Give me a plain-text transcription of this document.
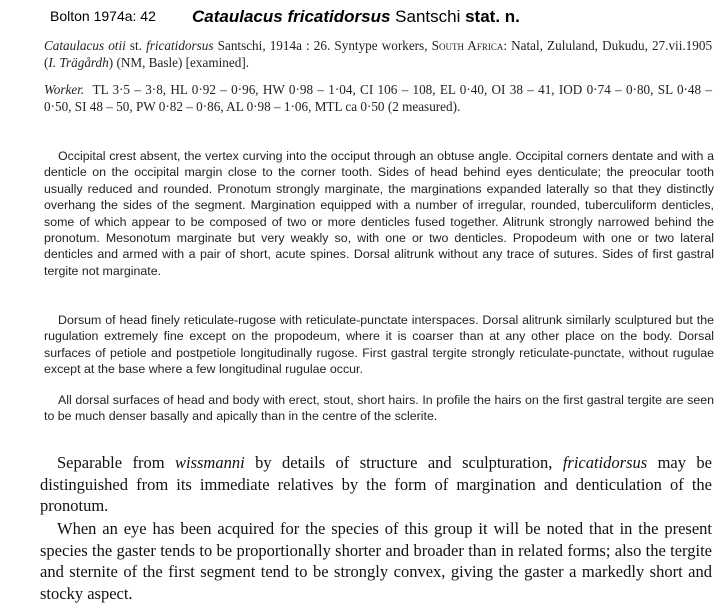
Bolton 1974a: 42 Cataulacus fricatidorsus Santschi stat. n.

Cataulacus otii st. fricatidorsus Santschi, 1914a : 26. Syntype workers, South Africa: Natal, Zululand, Dukudu, 27.vii.1905 (I. Trägårdh) (NM, Basle) [examined].

Worker. TL 3·5 – 3·8, HL 0·92 – 0·96, HW 0·98 – 1·04, CI 106 – 108, EL 0·40, OI 38 – 41, IOD 0·74 – 0·80, SL 0·48 – 0·50, SI 48 – 50, PW 0·82 – 0·86, AL 0·98 – 1·06, MTL ca 0·50 (2 measured).

Occipital crest absent, the vertex curving into the occiput through an obtuse angle. Occipital corners dentate and with a denticle on the occipital margin close to the corner tooth. Sides of head behind eyes denticulate; the preocular tooth usually reduced and rounded. Pronotum strongly marginate, the marginations expanded laterally so that they distinctly overhang the sides of the segment. Margination equipped with a number of irregular, rounded, tuberculiform denticles, some of which appear to be composed of two or more denticles fused together. Alitrunk strongly narrowed behind the pronotum. Mesonotum marginate but very weakly so, with one or two denticles. Propodeum with one or two lateral denticles and armed with a pair of short, acute spines. Dorsal alitrunk without any trace of sutures. Sides of first gastral tergite not marginate.

Dorsum of head finely reticulate-rugose with reticulate-punctate interspaces. Dorsal alitrunk similarly sculptured but the rugulation extremely fine except on the propodeum, where it is coarser than at any other place on the body. Dorsal surfaces of petiole and postpetiole longitudinally rugose. First gastral tergite strongly reticulate-punctate, without rugulae except at the base where a few longitudinal rugulae occur.

All dorsal surfaces of head and body with erect, stout, short hairs. In profile the hairs on the first gastral tergite are seen to be much denser basally and apically than in the centre of the sclerite.

Separable from wissmanni by details of structure and sculpturation, fricatidorsus may be distinguished from its immediate relatives by the form of margination and denticulation of the pronotum.

When an eye has been acquired for the species of this group it will be noted that in the present species the gaster tends to be proportionally shorter and broader than in related forms; also the tergite and sternite of the first segment tend to be strongly convex, giving the gaster a markedly short and stocky aspect.
